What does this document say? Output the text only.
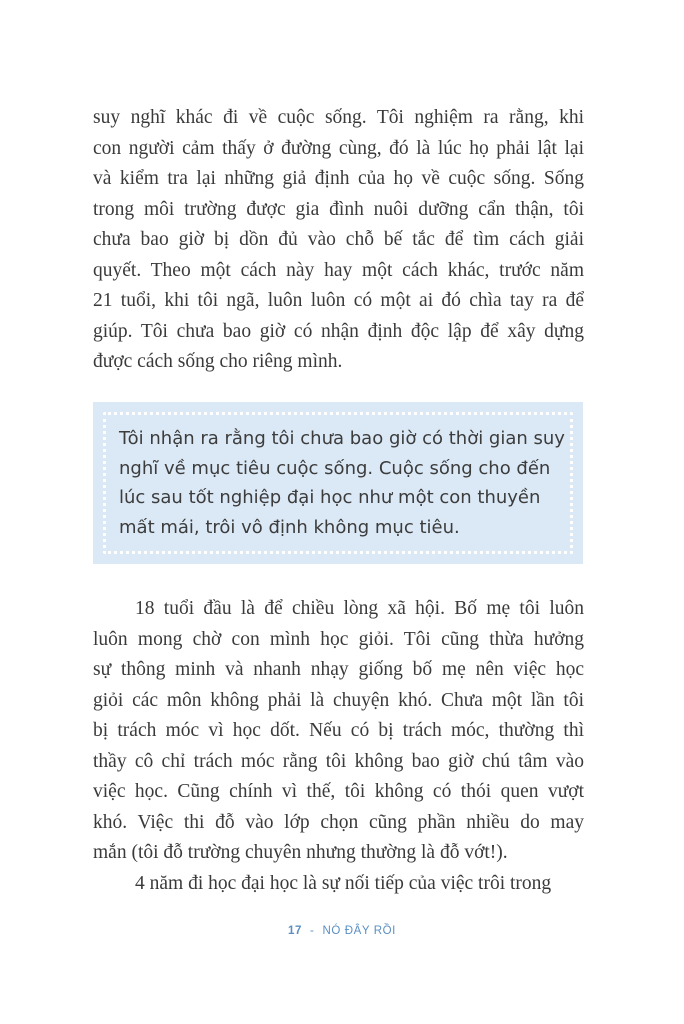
suy nghĩ khác đi về cuộc sống. Tôi nghiệm ra rằng, khi
con người cảm thấy ở đường cùng, đó là lúc họ phải lật lại
và kiểm tra lại những giả định của họ về cuộc sống. Sống
trong môi trường được gia đình nuôi dưỡng cẩn thận, tôi
chưa bao giờ bị dồn đủ vào chỗ bế tắc để tìm cách giải
quyết. Theo một cách này hay một cách khác, trước năm
21 tuổi, khi tôi ngã, luôn luôn có một ai đó chìa tay ra để
giúp. Tôi chưa bao giờ có nhận định độc lập để xây dựng
được cách sống cho riêng mình.
Tôi nhận ra rằng tôi chưa bao giờ có thời gian suy
nghĩ về mục tiêu cuộc sống. Cuộc sống cho đến
lúc sau tốt nghiệp đại học như một con thuyền
mất mái, trôi vô định không mục tiêu.
18 tuổi đầu là để chiều lòng xã hội. Bố mẹ tôi luôn
luôn mong chờ con mình học giỏi. Tôi cũng thừa hưởng
sự thông minh và nhanh nhạy giống bố mẹ nên việc học
giỏi các môn không phải là chuyện khó. Chưa một lần tôi
bị trách móc vì học dốt. Nếu có bị trách móc, thường thì
thầy cô chỉ trách móc rằng tôi không bao giờ chú tâm vào
việc học. Cũng chính vì thế, tôi không có thói quen vượt
khó. Việc thi đỗ vào lớp chọn cũng phần nhiều do may
mắn (tôi đỗ trường chuyên nhưng thường là đỗ vớt!).
4 năm đi học đại học là sự nối tiếp của việc trôi trong
17 - NÓ ĐÂY RỒI
